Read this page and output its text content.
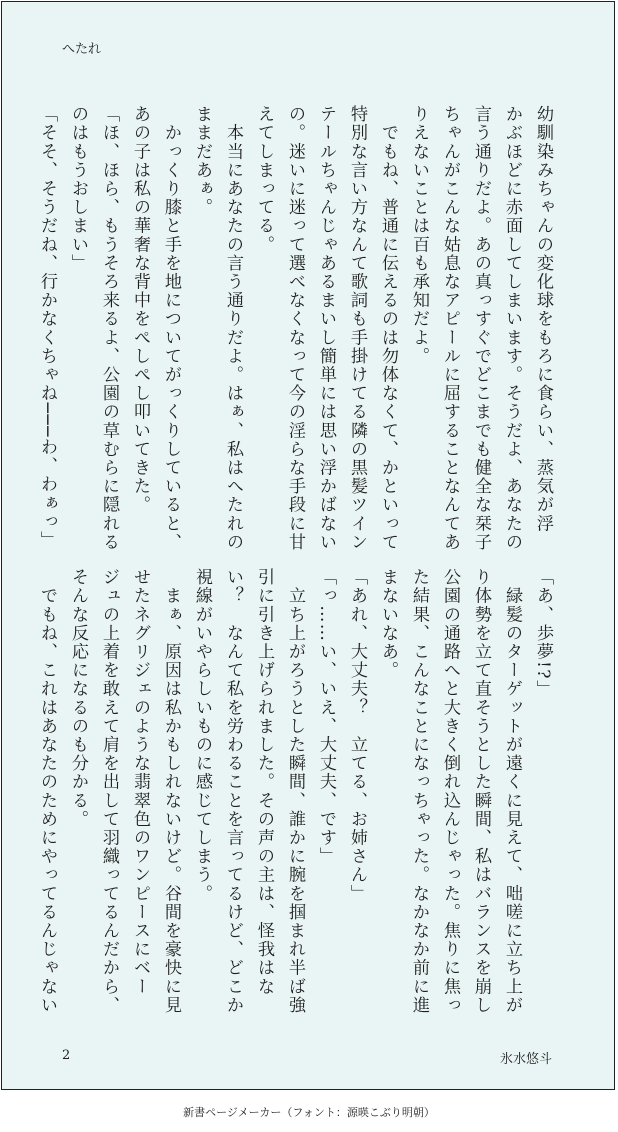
へたれ

幼馴染みちゃんの変化球をもろに食らい、蒸気が浮

かぶほどに赤面してしまいます。そうだよ、あなたの

言う通りだよ。あの真っすぐでどこまでも健全な栞子

ちゃんがこんな姑息なアピールに屈することなんてあ

りえないことは百も承知だよ。

　でもね、普通に伝えるのは勿体なくて、かといって

特別な言い方なんて歌詞も手掛けてる隣の黒髪ツイン

テールちゃんじゃあるまいし簡単には思い浮かばない

の。迷いに迷って選べなくなって今の淫らな手段に甘

えてしまってる。

　本当にあなたの言う通りだよ。はぁ、私はへたれの

ままだあぁ。

　かっくり膝と手を地についてがっくりしていると、

あの子は私の華奢な背中をぺしぺし叩いてきた。

「ほ、ほら、もうそろ来るよ、公園の草むらに隠れる

のはもうおしまい」

「そそ、そうだね、行かなくちゃね───わ、わぁっ」

「あ、歩夢!?」

　緑髪のターゲットが遠くに見えて、咄嗟に立ち上が

り体勢を立て直そうとした瞬間、私はバランスを崩し

公園の通路へと大きく倒れ込んじゃった。焦りに焦っ

た結果、こんなことになっちゃった。なかなか前に進

まないなあ。

「あれ、大丈夫？　立てる、お姉さん」

「っ……い、いえ、大丈夫、です」

　立ち上がろうとした瞬間、誰かに腕を掴まれ半ば強

引に引き上げられました。その声の主は、怪我はな

い？　なんて私を労わることを言ってるけど、どこか

視線がいやらしいものに感じてしまう。

　まぁ、原因は私かもしれないけど。谷間を豪快に見

せたネグリジェのような翡翠色のワンピースにベー

ジュの上着を敢えて肩を出して羽織ってるんだから、

そんな反応になるのも分かる。

　でもね、これはあなたのためにやってるんじゃない

2	氷水悠斗
新書ページメーカー（フォント：源暎こぶり明朝）
